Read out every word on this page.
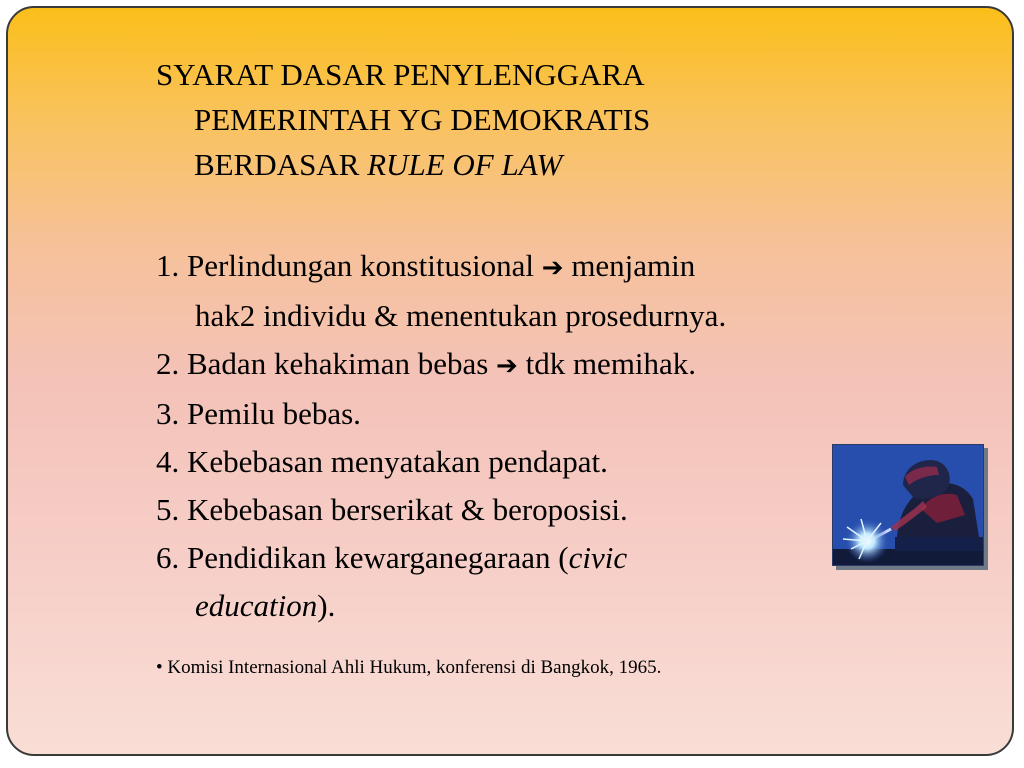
SYARAT DASAR PENYLENGGARA
PEMERINTAH YG DEMOKRATIS
BERDASAR RULE OF LAW
1. Perlindungan konstitusional ➔ menjamin
hak2 individu & menentukan prosedurnya.
2. Badan kehakiman bebas ➔ tdk memihak.
3. Pemilu bebas.
4. Kebebasan menyatakan pendapat.
5. Kebebasan berserikat & beroposisi.
6. Pendidikan kewarganegaraan (civic
education).
• Komisi Internasional Ahli Hukum, konferensi di Bangkok, 1965.
